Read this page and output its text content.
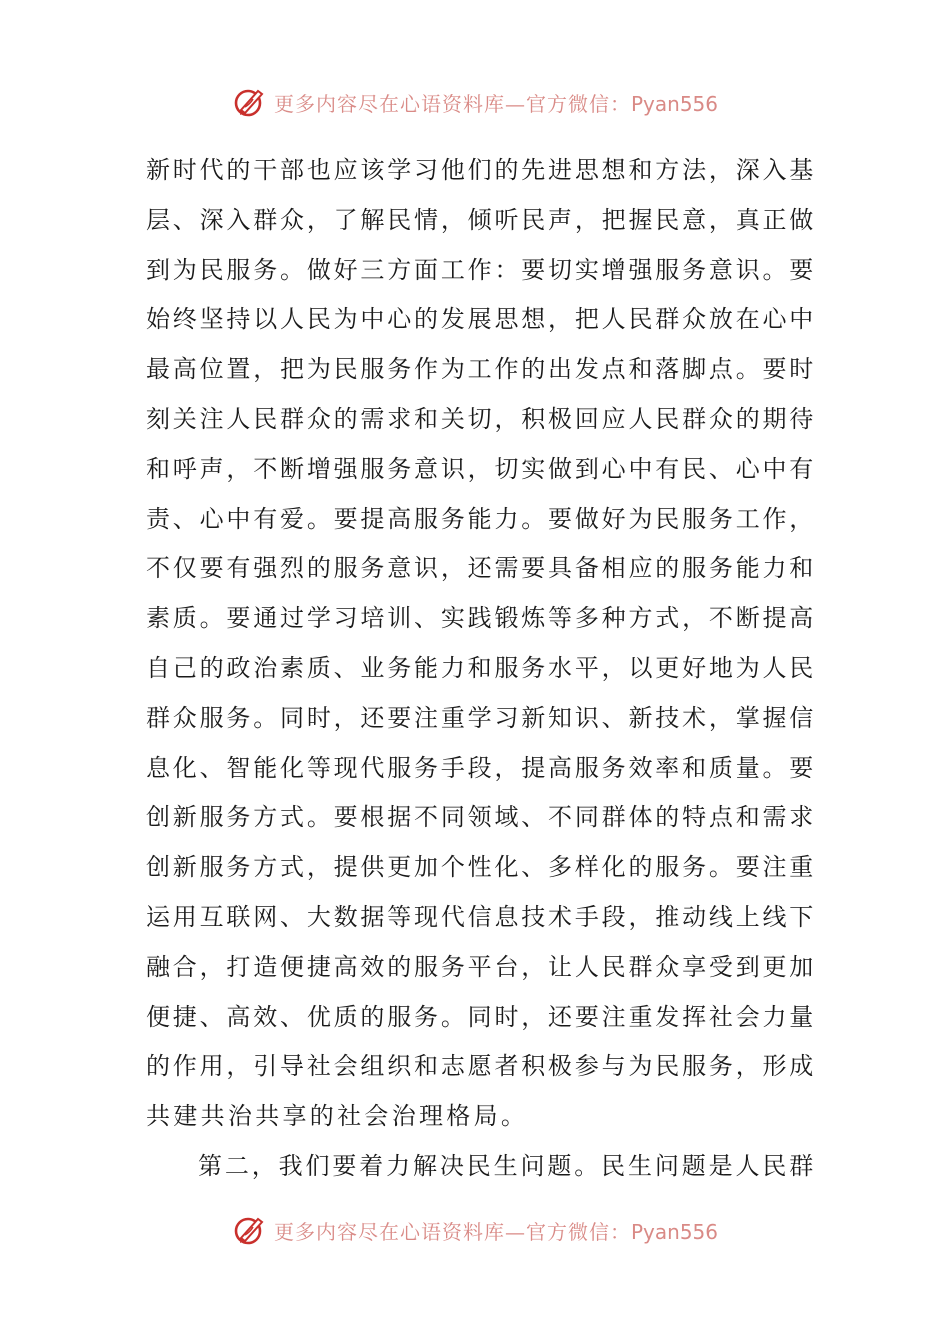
更多内容尽在心语资料库—官方微信：Pyan556
新时代的干部也应该学习他们的先进思想和方法，深入基
层、深入群众，了解民情，倾听民声，把握民意，真正做
到为民服务。做好三方面工作：要切实增强服务意识。要
始终坚持以人民为中心的发展思想，把人民群众放在心中
最高位置，把为民服务作为工作的出发点和落脚点。要时
刻关注人民群众的需求和关切，积极回应人民群众的期待
和呼声，不断增强服务意识，切实做到心中有民、心中有
责、心中有爱。要提高服务能力。要做好为民服务工作，
不仅要有强烈的服务意识，还需要具备相应的服务能力和
素质。要通过学习培训、实践锻炼等多种方式，不断提高
自己的政治素质、业务能力和服务水平，以更好地为人民
群众服务。同时，还要注重学习新知识、新技术，掌握信
息化、智能化等现代服务手段，提高服务效率和质量。要
创新服务方式。要根据不同领域、不同群体的特点和需求
创新服务方式，提供更加个性化、多样化的服务。要注重
运用互联网、大数据等现代信息技术手段，推动线上线下
融合，打造便捷高效的服务平台，让人民群众享受到更加
便捷、高效、优质的服务。同时，还要注重发挥社会力量
的作用，引导社会组织和志愿者积极参与为民服务，形成
共建共治共享的社会治理格局。
第二，我们要着力解决民生问题。民生问题是人民群
更多内容尽在心语资料库—官方微信：Pyan556
